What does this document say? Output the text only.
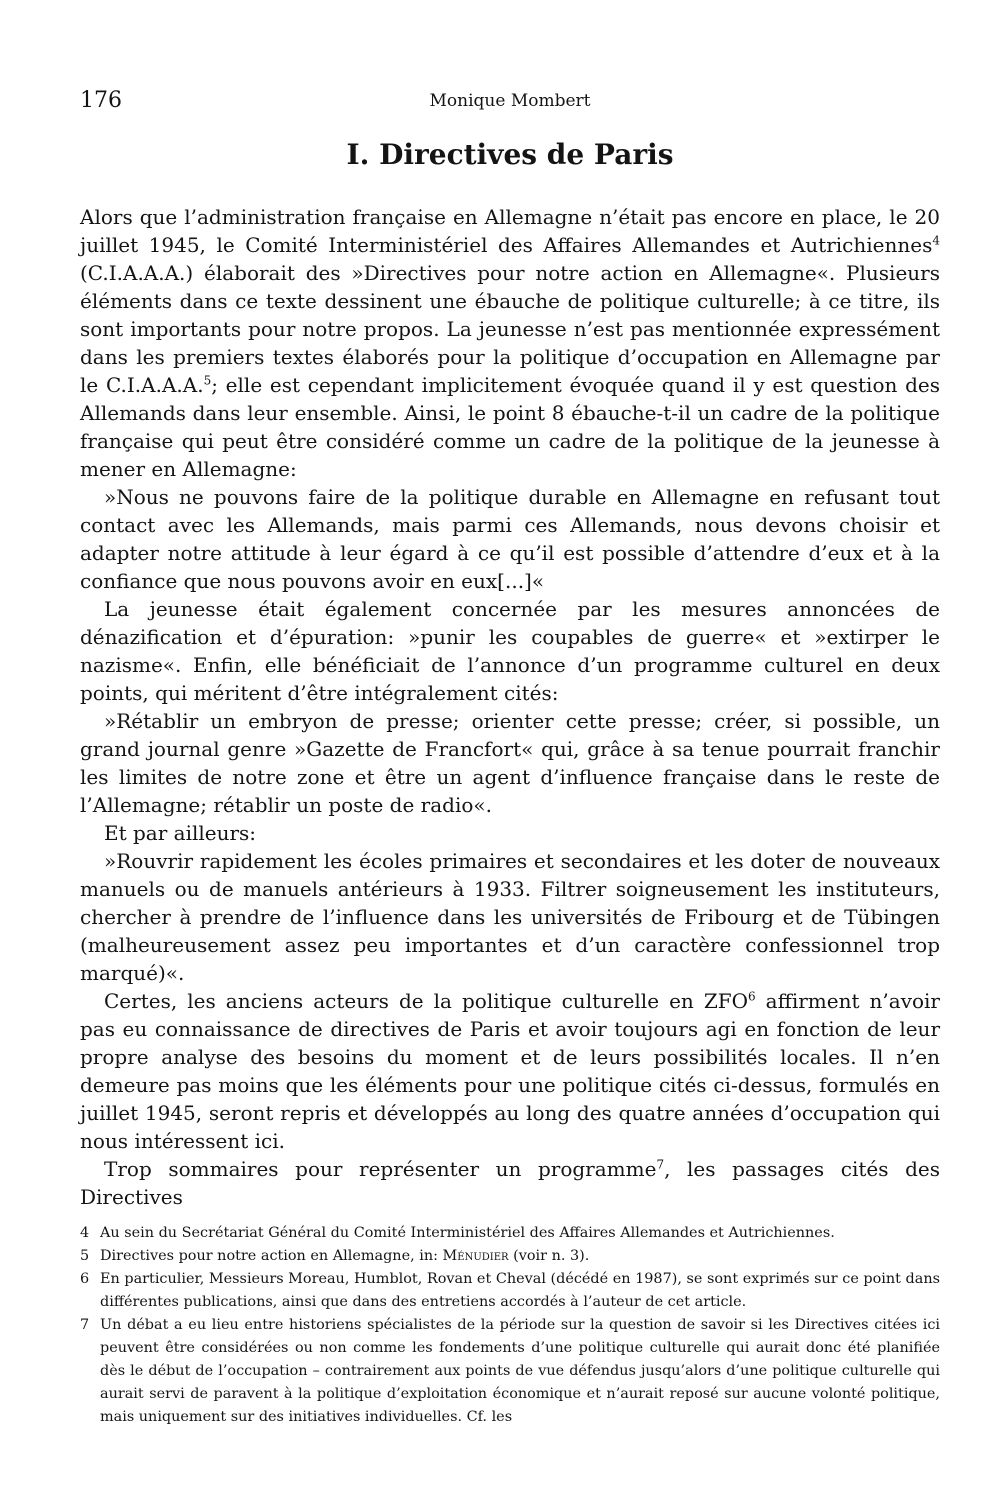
176	Monique Mombert
I. Directives de Paris

Alors que l’administration française en Allemagne n’était pas encore en place, le 20 juillet 1945, le Comité Interministériel des Affaires Allemandes et Autrichiennes$^4$ (C.I.A.A.A.) élaborait des »Directives pour notre action en Allemagne«. Plusieurs éléments dans ce texte dessinent une ébauche de politique culturelle; à ce titre, ils sont importants pour notre propos. La jeunesse n’est pas mentionnée expressément dans les premiers textes élaborés pour la politique d’occupation en Allemagne par le C.I.A.A.A.$^5$; elle est cependant implicitement évoquée quand il y est question des Allemands dans leur ensemble. Ainsi, le point 8 ébauche-t-il un cadre de la politique française qui peut être considéré comme un cadre de la politique de la jeunesse à mener en Allemagne:

»Nous ne pouvons faire de la politique durable en Allemagne en refusant tout contact avec les Allemands, mais parmi ces Allemands, nous devons choisir et adapter notre attitude à leur égard à ce qu’il est possible d’attendre d’eux et à la confiance que nous pouvons avoir en eux[...]«

La jeunesse était également concernée par les mesures annoncées de dénazification et d’épuration: »punir les coupables de guerre« et »extirper le nazisme«. Enfin, elle bénéficiait de l’annonce d’un programme culturel en deux points, qui méritent d’être intégralement cités:

»Rétablir un embryon de presse; orienter cette presse; créer, si possible, un grand journal genre »Gazette de Francfort« qui, grâce à sa tenue pourrait franchir les limites de notre zone et être un agent d’influence française dans le reste de l’Allemagne; rétablir un poste de radio«.

Et par ailleurs:

»Rouvrir rapidement les écoles primaires et secondaires et les doter de nouveaux manuels ou de manuels antérieurs à 1933. Filtrer soigneusement les instituteurs, chercher à prendre de l’influence dans les universités de Fribourg et de Tübingen (malheureusement assez peu importantes et d’un caractère confessionnel trop marqué)«.

Certes, les anciens acteurs de la politique culturelle en ZFO$^6$ affirment n’avoir pas eu connaissance de directives de Paris et avoir toujours agi en fonction de leur propre analyse des besoins du moment et de leurs possibilités locales. Il n’en demeure pas moins que les éléments pour une politique cités ci-dessus, formulés en juillet 1945, seront repris et développés au long des quatre années d’occupation qui nous intéressent ici.

Trop sommaires pour représenter un programme$^7$, les passages cités des Directives

4 Au sein du Secrétariat Général du Comité Interministériel des Affaires Allemandes et Autrichiennes.
5 Directives pour notre action en Allemagne, in: Ménudier (voir n. 3).
6 En particulier, Messieurs Moreau, Humblot, Rovan et Cheval (décédé en 1987), se sont exprimés sur ce point dans différentes publications, ainsi que dans des entretiens accordés à l’auteur de cet article.
7 Un débat a eu lieu entre historiens spécialistes de la période sur la question de savoir si les Directives citées ici peuvent être considérées ou non comme les fondements d’une politique culturelle qui aurait donc été planifiée dès le début de l’occupation – contrairement aux points de vue défendus jusqu’alors d’une politique culturelle qui aurait servi de paravent à la politique d’exploitation économique et n’aurait reposé sur aucune volonté politique, mais uniquement sur des initiatives individuelles. Cf. les
